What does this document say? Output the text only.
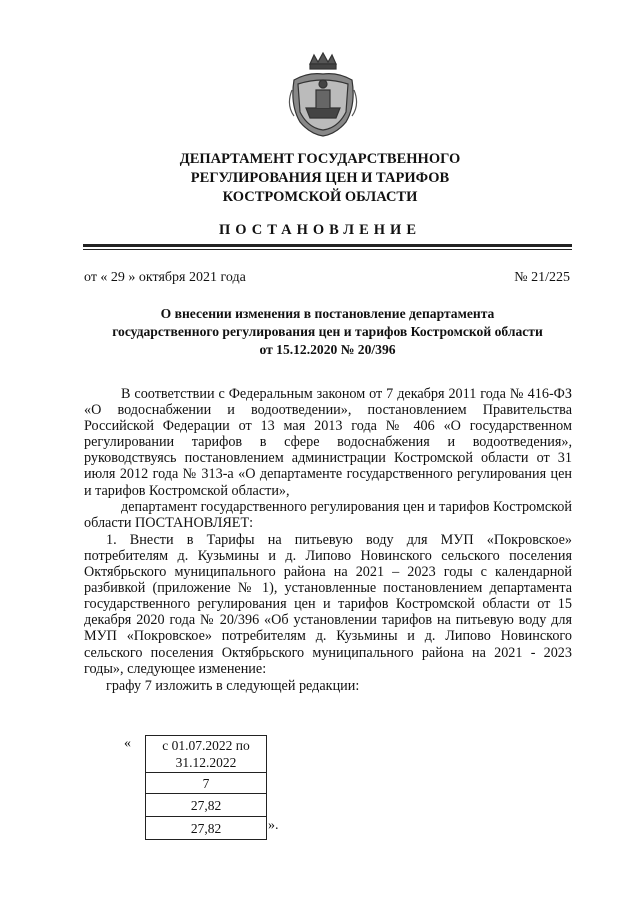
ДЕПАРТАМЕНТ ГОСУДАРСТВЕННОГО
РЕГУЛИРОВАНИЯ ЦЕН И ТАРИФОВ
КОСТРОМСКОЙ ОБЛАСТИ
ПОСТАНОВЛЕНИЕ
от « 29 » октября 2021 года	№ 21/225
О внесении изменения в постановление департамента
государственного регулирования цен и тарифов Костромской области
от 15.12.2020 № 20/396

В соответствии с Федеральным законом от 7 декабря 2011 года № 416-ФЗ «О водоснабжении и водоотведении», постановлением Правительства Российской Федерации от 13 мая 2013 года № 406 «О государственном регулировании тарифов в сфере водоснабжения и водоотведения», руководствуясь постановлением администрации Костромской области от 31 июля 2012 года № 313-а «О департаменте государственного регулирования цен и тарифов Костромской области»,

департамент государственного регулирования цен и тарифов Костромской области ПОСТАНОВЛЯЕТ:

1. Внести в Тарифы на питьевую воду для МУП «Покровское» потребителям д. Кузьмины и д. Липово Новинского сельского поселения Октябрьского муниципального района на 2021 – 2023 годы с календарной разбивкой (приложение № 1), установленные постановлением департамента государственного регулирования цен и тарифов Костромской области от 15 декабря 2020 года № 20/396 «Об установлении тарифов на питьевую воду для МУП «Покровское» потребителям д. Кузьмины и д. Липово Новинского сельского поселения Октябрьского муниципального района на 2021 - 2023 годы», следующее изменение:

графу 7 изложить в следующей редакции:

« с 01.07.2022 по 31.12.2022
7
27,82
27,82	».
